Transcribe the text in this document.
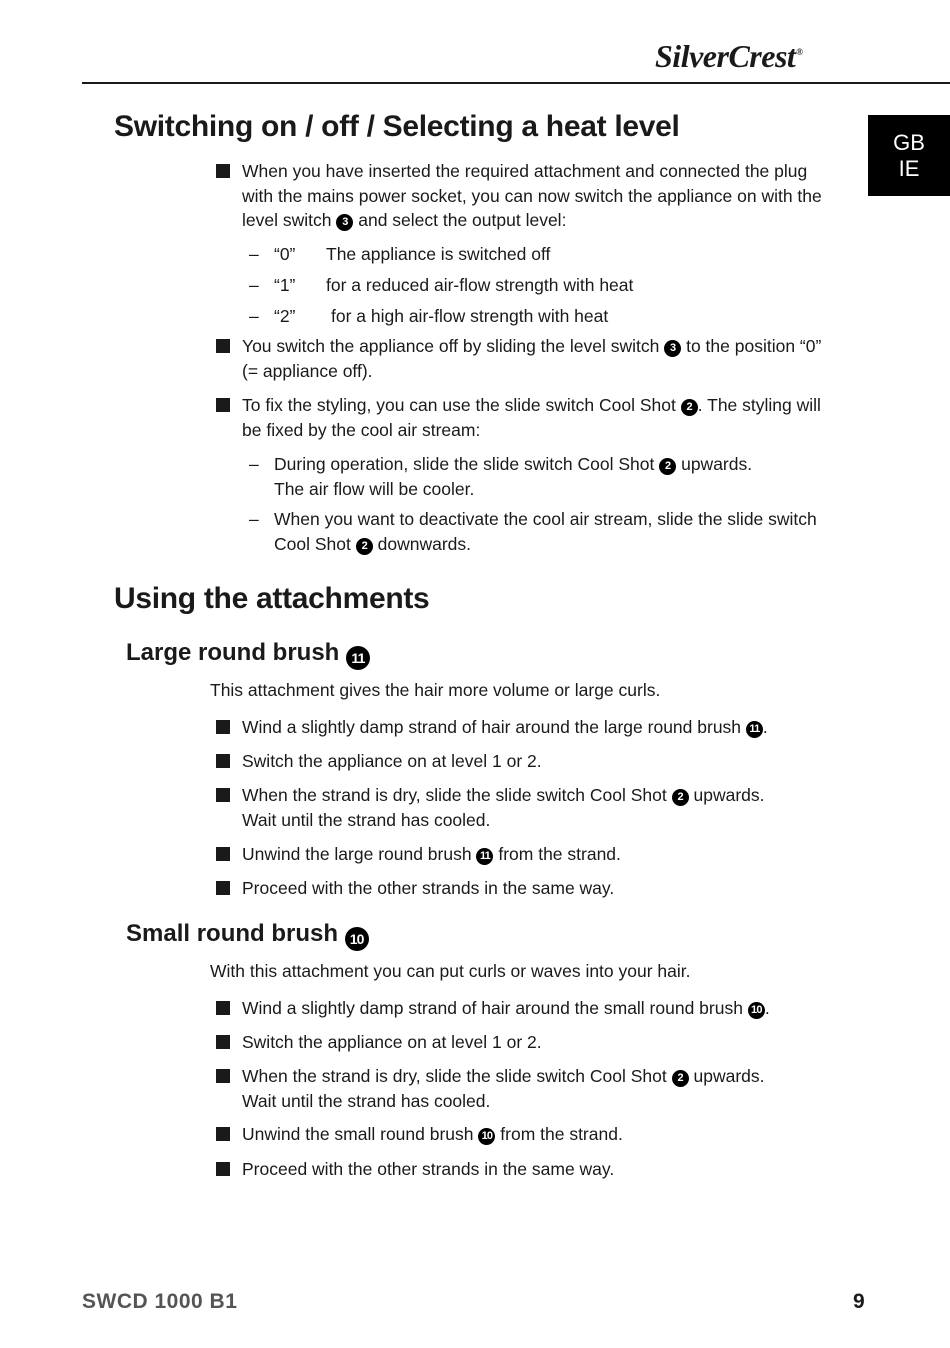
SilverCrest®
GB
IE
Switching on / off / Selecting a heat level
When you have inserted the required attachment and connected the plug
with the mains power socket, you can now switch the appliance on with the
level switch 3 and select the output level:
– “0” The appliance is switched off
– “1” for a reduced air-flow strength with heat
– “2” for a high air-flow strength with heat
You switch the appliance off by sliding the level switch 3 to the position “0”
(= appliance off).
To fix the styling, you can use the slide switch Cool Shot 2 . The styling will
be fixed by the cool air stream:
– During operation, slide the slide switch Cool Shot 2 upwards.
The air flow will be cooler.
– When you want to deactivate the cool air stream, slide the slide switch
Cool Shot 2 downwards.
Using the attachments
Large round brush 11
This attachment gives the hair more volume or large curls.
Wind a slightly damp strand of hair around the large round brush 11 .
Switch the appliance on at level 1 or 2.
When the strand is dry, slide the slide switch Cool Shot 2 upwards.
Wait until the strand has cooled.
Unwind the large round brush 11 from the strand.
Proceed with the other strands in the same way.
Small round brush 10
With this attachment you can put curls or waves into your hair.
Wind a slightly damp strand of hair around the small round brush 10 .
Switch the appliance on at level 1 or 2.
When the strand is dry, slide the slide switch Cool Shot 2 upwards.
Wait until the strand has cooled.
Unwind the small round brush 10 from the strand.
Proceed with the other strands in the same way.
SWCD 1000 B1	9
